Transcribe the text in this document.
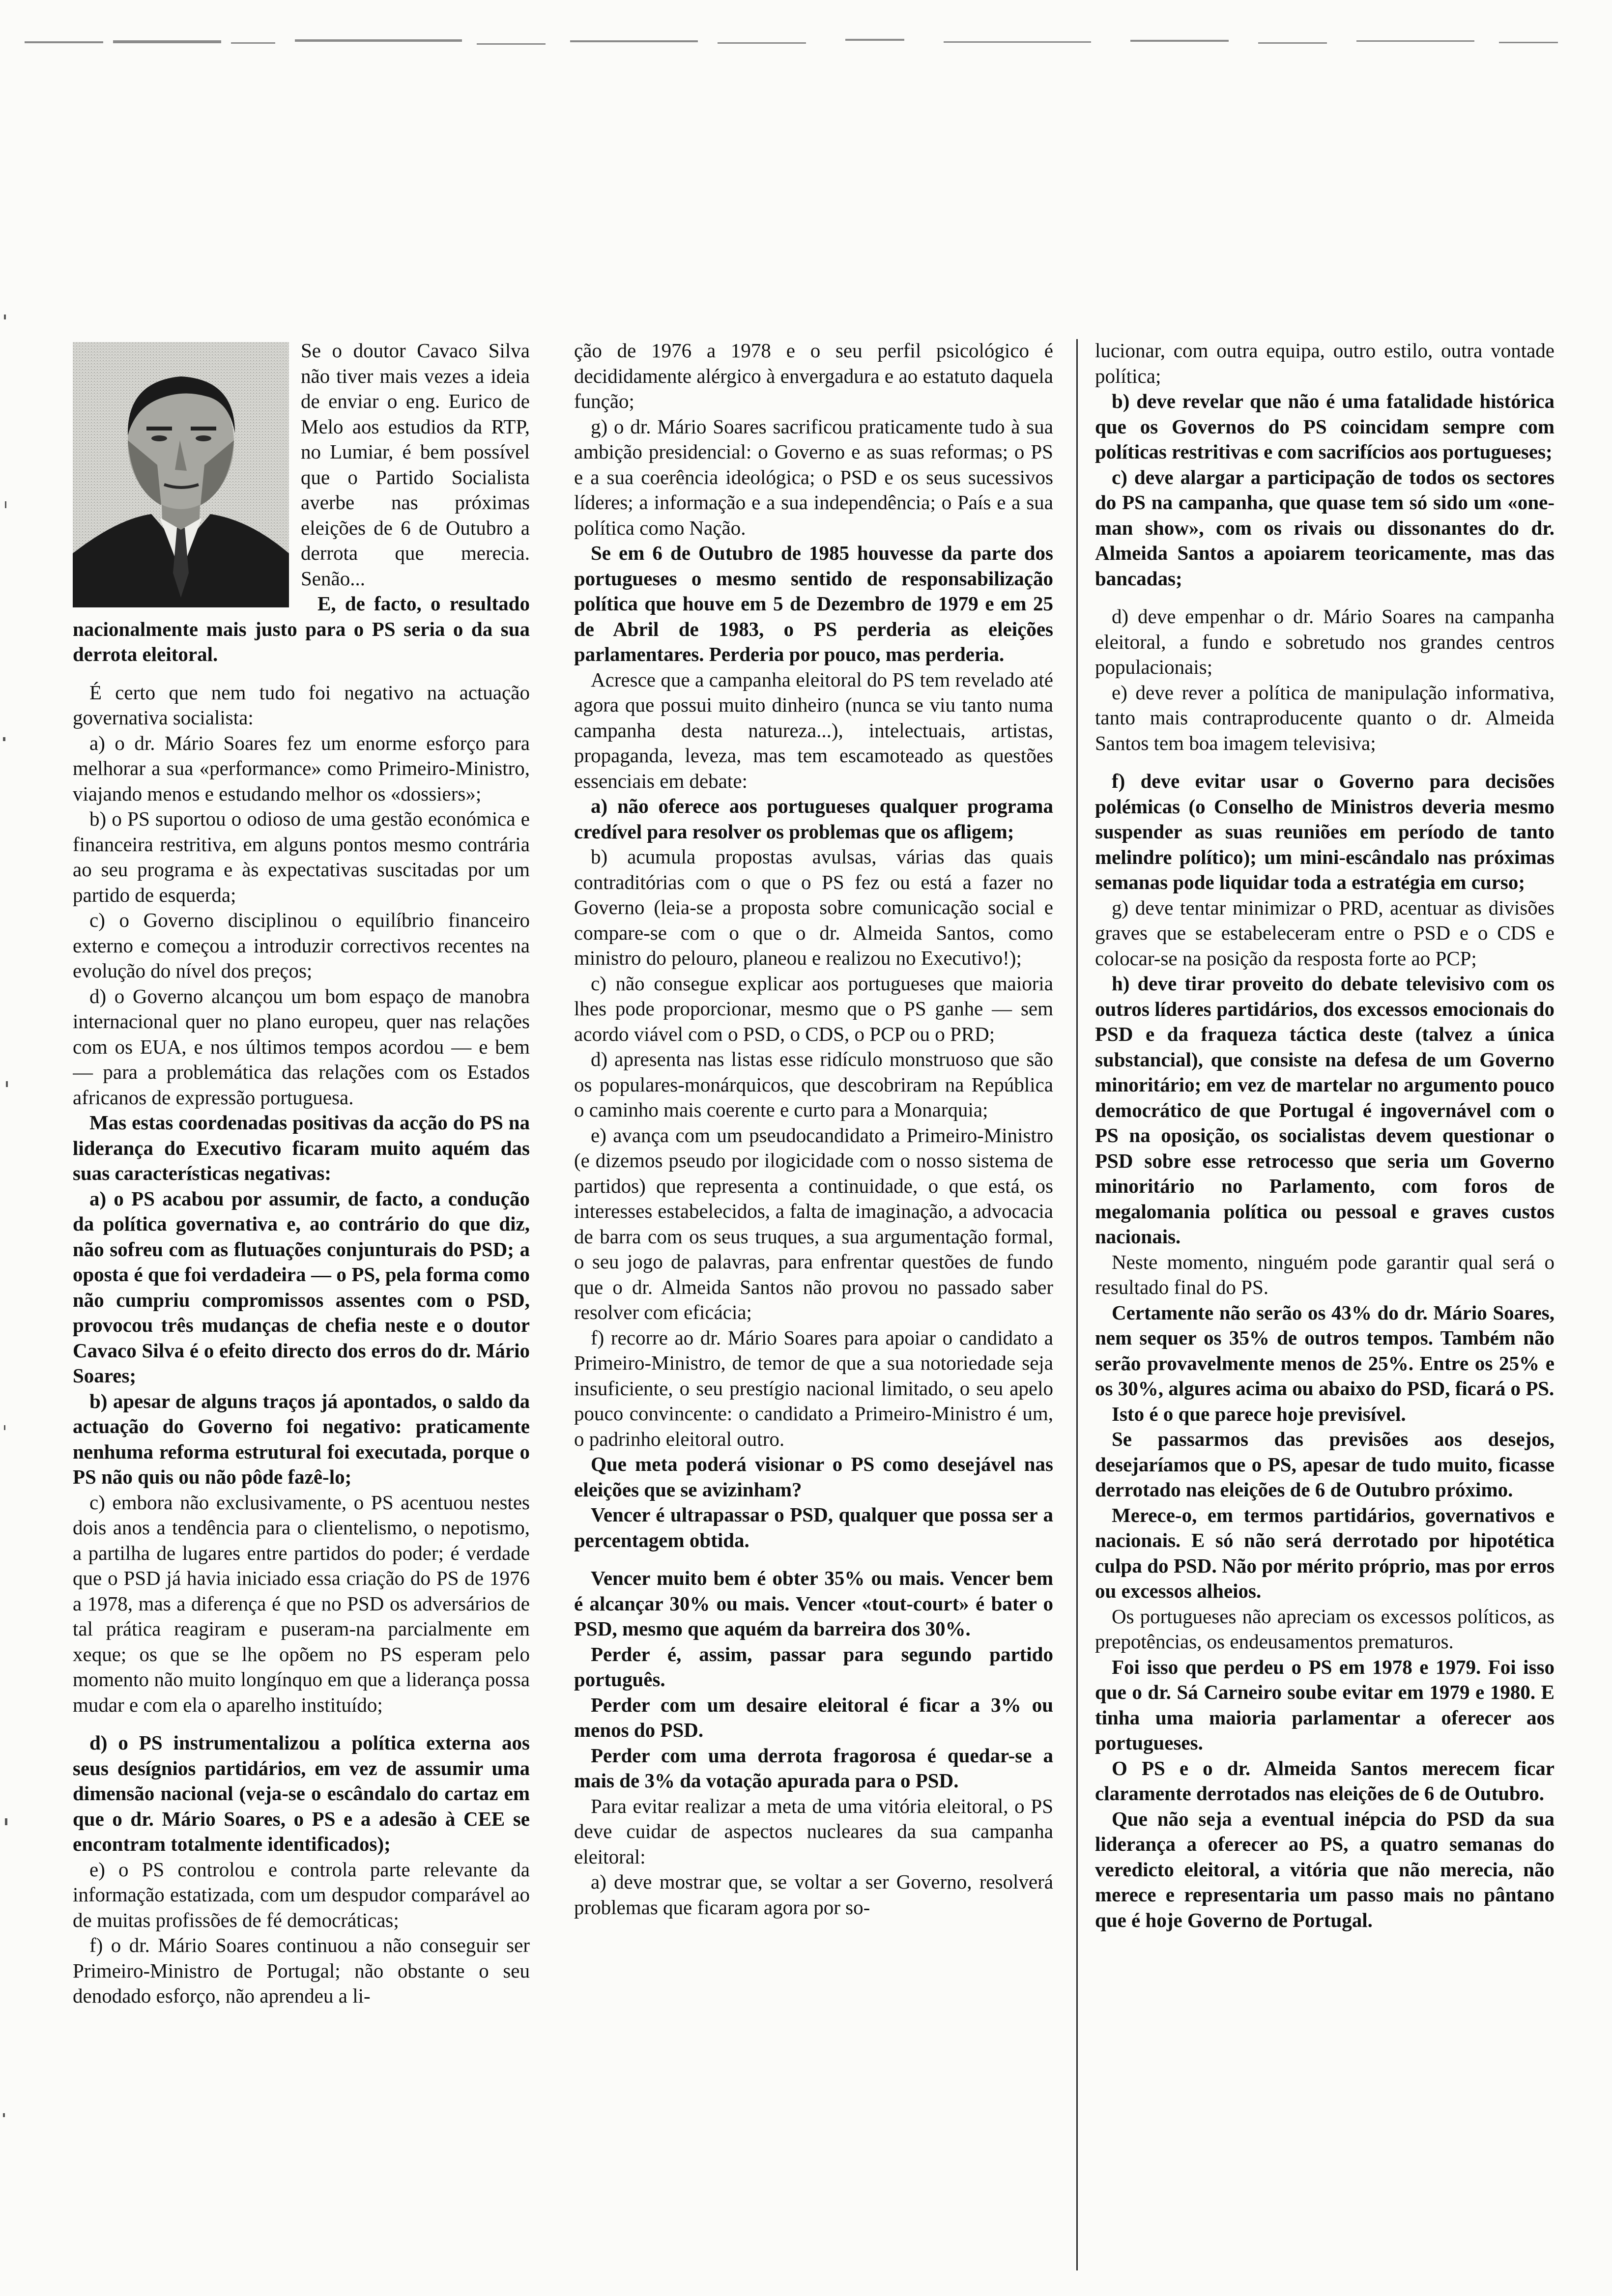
Se o doutor Cavaco Silva não tiver mais vezes a ideia de enviar o eng. Eurico de Melo aos estudios da RTP, no Lumiar, é bem possível que o Partido Socialista averbe nas próximas eleições de 6 de Outubro a derrota que merecia. Senão...

E, de facto, o resultado nacionalmente mais justo para o PS seria o da sua derrota eleitoral.

É certo que nem tudo foi negativo na actuação governativa socialista:

a) o dr. Mário Soares fez um enorme esforço para melhorar a sua «performance» como Primeiro-Ministro, viajando menos e estudando melhor os «dossiers»;

b) o PS suportou o odioso de uma gestão económica e financeira restritiva, em alguns pontos mesmo contrária ao seu programa e às expectativas suscitadas por um partido de esquerda;

c) o Governo disciplinou o equilíbrio financeiro externo e começou a introduzir correctivos recentes na evolução do nível dos preços;

d) o Governo alcançou um bom espaço de manobra internacional quer no plano europeu, quer nas relações com os EUA, e nos últimos tempos acordou — e bem — para a problemática das relações com os Estados africanos de expressão portuguesa.

Mas estas coordenadas positivas da acção do PS na liderança do Executivo ficaram muito aquém das suas características negativas:

a) o PS acabou por assumir, de facto, a condução da política governativa e, ao contrário do que diz, não sofreu com as flutuações conjunturais do PSD; a oposta é que foi verdadeira — o PS, pela forma como não cumpriu compromissos assentes com o PSD, provocou três mudanças de chefia neste e o doutor Cavaco Silva é o efeito directo dos erros do dr. Mário Soares;

b) apesar de alguns traços já apontados, o saldo da actuação do Governo foi negativo: praticamente nenhuma reforma estrutural foi executada, porque o PS não quis ou não pôde fazê-lo;

c) embora não exclusivamente, o PS acentuou nestes dois anos a tendência para o clientelismo, o nepotismo, a partilha de lugares entre partidos do poder; é verdade que o PSD já havia iniciado essa criação do PS de 1976 a 1978, mas a diferença é que no PSD os adversários de tal prática reagiram e puseram-na parcialmente em xeque; os que se lhe opõem no PS esperam pelo momento não muito longínquo em que a liderança possa mudar e com ela o aparelho instituído;

d) o PS instrumentalizou a política externa aos seus desígnios partidários, em vez de assumir uma dimensão nacional (veja-se o escândalo do cartaz em que o dr. Mário Soares, o PS e a adesão à CEE se encontram totalmente identificados);

e) o PS controlou e controla parte relevante da informação estatizada, com um despudor comparável ao de muitas profissões de fé democráticas;

f) o dr. Mário Soares continuou a não conseguir ser Primeiro-Ministro de Portugal; não obstante o seu denodado esforço, não aprendeu a li-

ção de 1976 a 1978 e o seu perfil psicológico é decididamente alérgico à envergadura e ao estatuto daquela função;

g) o dr. Mário Soares sacrificou praticamente tudo à sua ambição presidencial: o Governo e as suas reformas; o PS e a sua coerência ideológica; o PSD e os seus sucessivos líderes; a informação e a sua independência; o País e a sua política como Nação.

Se em 6 de Outubro de 1985 houvesse da parte dos portugueses o mesmo sentido de responsabilização política que houve em 5 de Dezembro de 1979 e em 25 de Abril de 1983, o PS perderia as eleições parlamentares. Perderia por pouco, mas perderia.

Acresce que a campanha eleitoral do PS tem revelado até agora que possui muito dinheiro (nunca se viu tanto numa campanha desta natureza...), intelectuais, artistas, propaganda, leveza, mas tem escamoteado as questões essenciais em debate:

a) não oferece aos portugueses qualquer programa credível para resolver os problemas que os afligem;

b) acumula propostas avulsas, várias das quais contraditórias com o que o PS fez ou está a fazer no Governo (leia-se a proposta sobre comunicação social e compare-se com o que o dr. Almeida Santos, como ministro do pelouro, planeou e realizou no Executivo!);

c) não consegue explicar aos portugueses que maioria lhes pode proporcionar, mesmo que o PS ganhe — sem acordo viável com o PSD, o CDS, o PCP ou o PRD;

d) apresenta nas listas esse ridículo monstruoso que são os populares-monárquicos, que descobriram na República o caminho mais coerente e curto para a Monarquia;

e) avança com um pseudocandidato a Primeiro-Ministro (e dizemos pseudo por ilogicidade com o nosso sistema de partidos) que representa a continuidade, o que está, os interesses estabelecidos, a falta de imaginação, a advocacia de barra com os seus truques, a sua argumentação formal, o seu jogo de palavras, para enfrentar questões de fundo que o dr. Almeida Santos não provou no passado saber resolver com eficácia;

f) recorre ao dr. Mário Soares para apoiar o candidato a Primeiro-Ministro, de temor de que a sua notoriedade seja insuficiente, o seu prestígio nacional limitado, o seu apelo pouco convincente: o candidato a Primeiro-Ministro é um, o padrinho eleitoral outro.

Que meta poderá visionar o PS como desejável nas eleições que se avizinham?

Vencer é ultrapassar o PSD, qualquer que possa ser a percentagem obtida.

Vencer muito bem é obter 35% ou mais. Vencer bem é alcançar 30% ou mais. Vencer «tout-court» é bater o PSD, mesmo que aquém da barreira dos 30%.

Perder é, assim, passar para segundo partido português.

Perder com um desaire eleitoral é ficar a 3% ou menos do PSD.

Perder com uma derrota fragorosa é quedar-se a mais de 3% da votação apurada para o PSD.

Para evitar realizar a meta de uma vitória eleitoral, o PS deve cuidar de aspectos nucleares da sua campanha eleitoral:

a) deve mostrar que, se voltar a ser Governo, resolverá problemas que ficaram agora por so-

lucionar, com outra equipa, outro estilo, outra vontade política;

b) deve revelar que não é uma fatalidade histórica que os Governos do PS coincidam sempre com políticas restritivas e com sacrifícios aos portugueses;

c) deve alargar a participação de todos os sectores do PS na campanha, que quase tem só sido um «one-man show», com os rivais ou dissonantes do dr. Almeida Santos a apoiarem teoricamente, mas das bancadas;

d) deve empenhar o dr. Mário Soares na campanha eleitoral, a fundo e sobretudo nos grandes centros populacionais;

e) deve rever a política de manipulação informativa, tanto mais contraproducente quanto o dr. Almeida Santos tem boa imagem televisiva;

f) deve evitar usar o Governo para decisões polémicas (o Conselho de Ministros deveria mesmo suspender as suas reuniões em período de tanto melindre político); um mini-escândalo nas próximas semanas pode liquidar toda a estratégia em curso;

g) deve tentar minimizar o PRD, acentuar as divisões graves que se estabeleceram entre o PSD e o CDS e colocar-se na posição da resposta forte ao PCP;

h) deve tirar proveito do debate televisivo com os outros líderes partidários, dos excessos emocionais do PSD e da fraqueza táctica deste (talvez a única substancial), que consiste na defesa de um Governo minoritário; em vez de martelar no argumento pouco democrático de que Portugal é ingovernável com o PS na oposição, os socialistas devem questionar o PSD sobre esse retrocesso que seria um Governo minoritário no Parlamento, com foros de megalomania política ou pessoal e graves custos nacionais.

Neste momento, ninguém pode garantir qual será o resultado final do PS.

Certamente não serão os 43% do dr. Mário Soares, nem sequer os 35% de outros tempos. Também não serão provavelmente menos de 25%. Entre os 25% e os 30%, algures acima ou abaixo do PSD, ficará o PS.

Isto é o que parece hoje previsível.

Se passarmos das previsões aos desejos, desejaríamos que o PS, apesar de tudo muito, ficasse derrotado nas eleições de 6 de Outubro próximo.

Merece-o, em termos partidários, governativos e nacionais. E só não será derrotado por hipotética culpa do PSD. Não por mérito próprio, mas por erros ou excessos alheios.

Os portugueses não apreciam os excessos políticos, as prepotências, os endeusamentos prematuros.

Foi isso que perdeu o PS em 1978 e 1979. Foi isso que o dr. Sá Carneiro soube evitar em 1979 e 1980. E tinha uma maioria parlamentar a oferecer aos portugueses.

O PS e o dr. Almeida Santos merecem ficar claramente derrotados nas eleições de 6 de Outubro.

Que não seja a eventual inépcia do PSD da sua liderança a oferecer ao PS, a quatro semanas do veredicto eleitoral, a vitória que não merecia, não merece e representaria um passo mais no pântano que é hoje Governo de Portugal.
